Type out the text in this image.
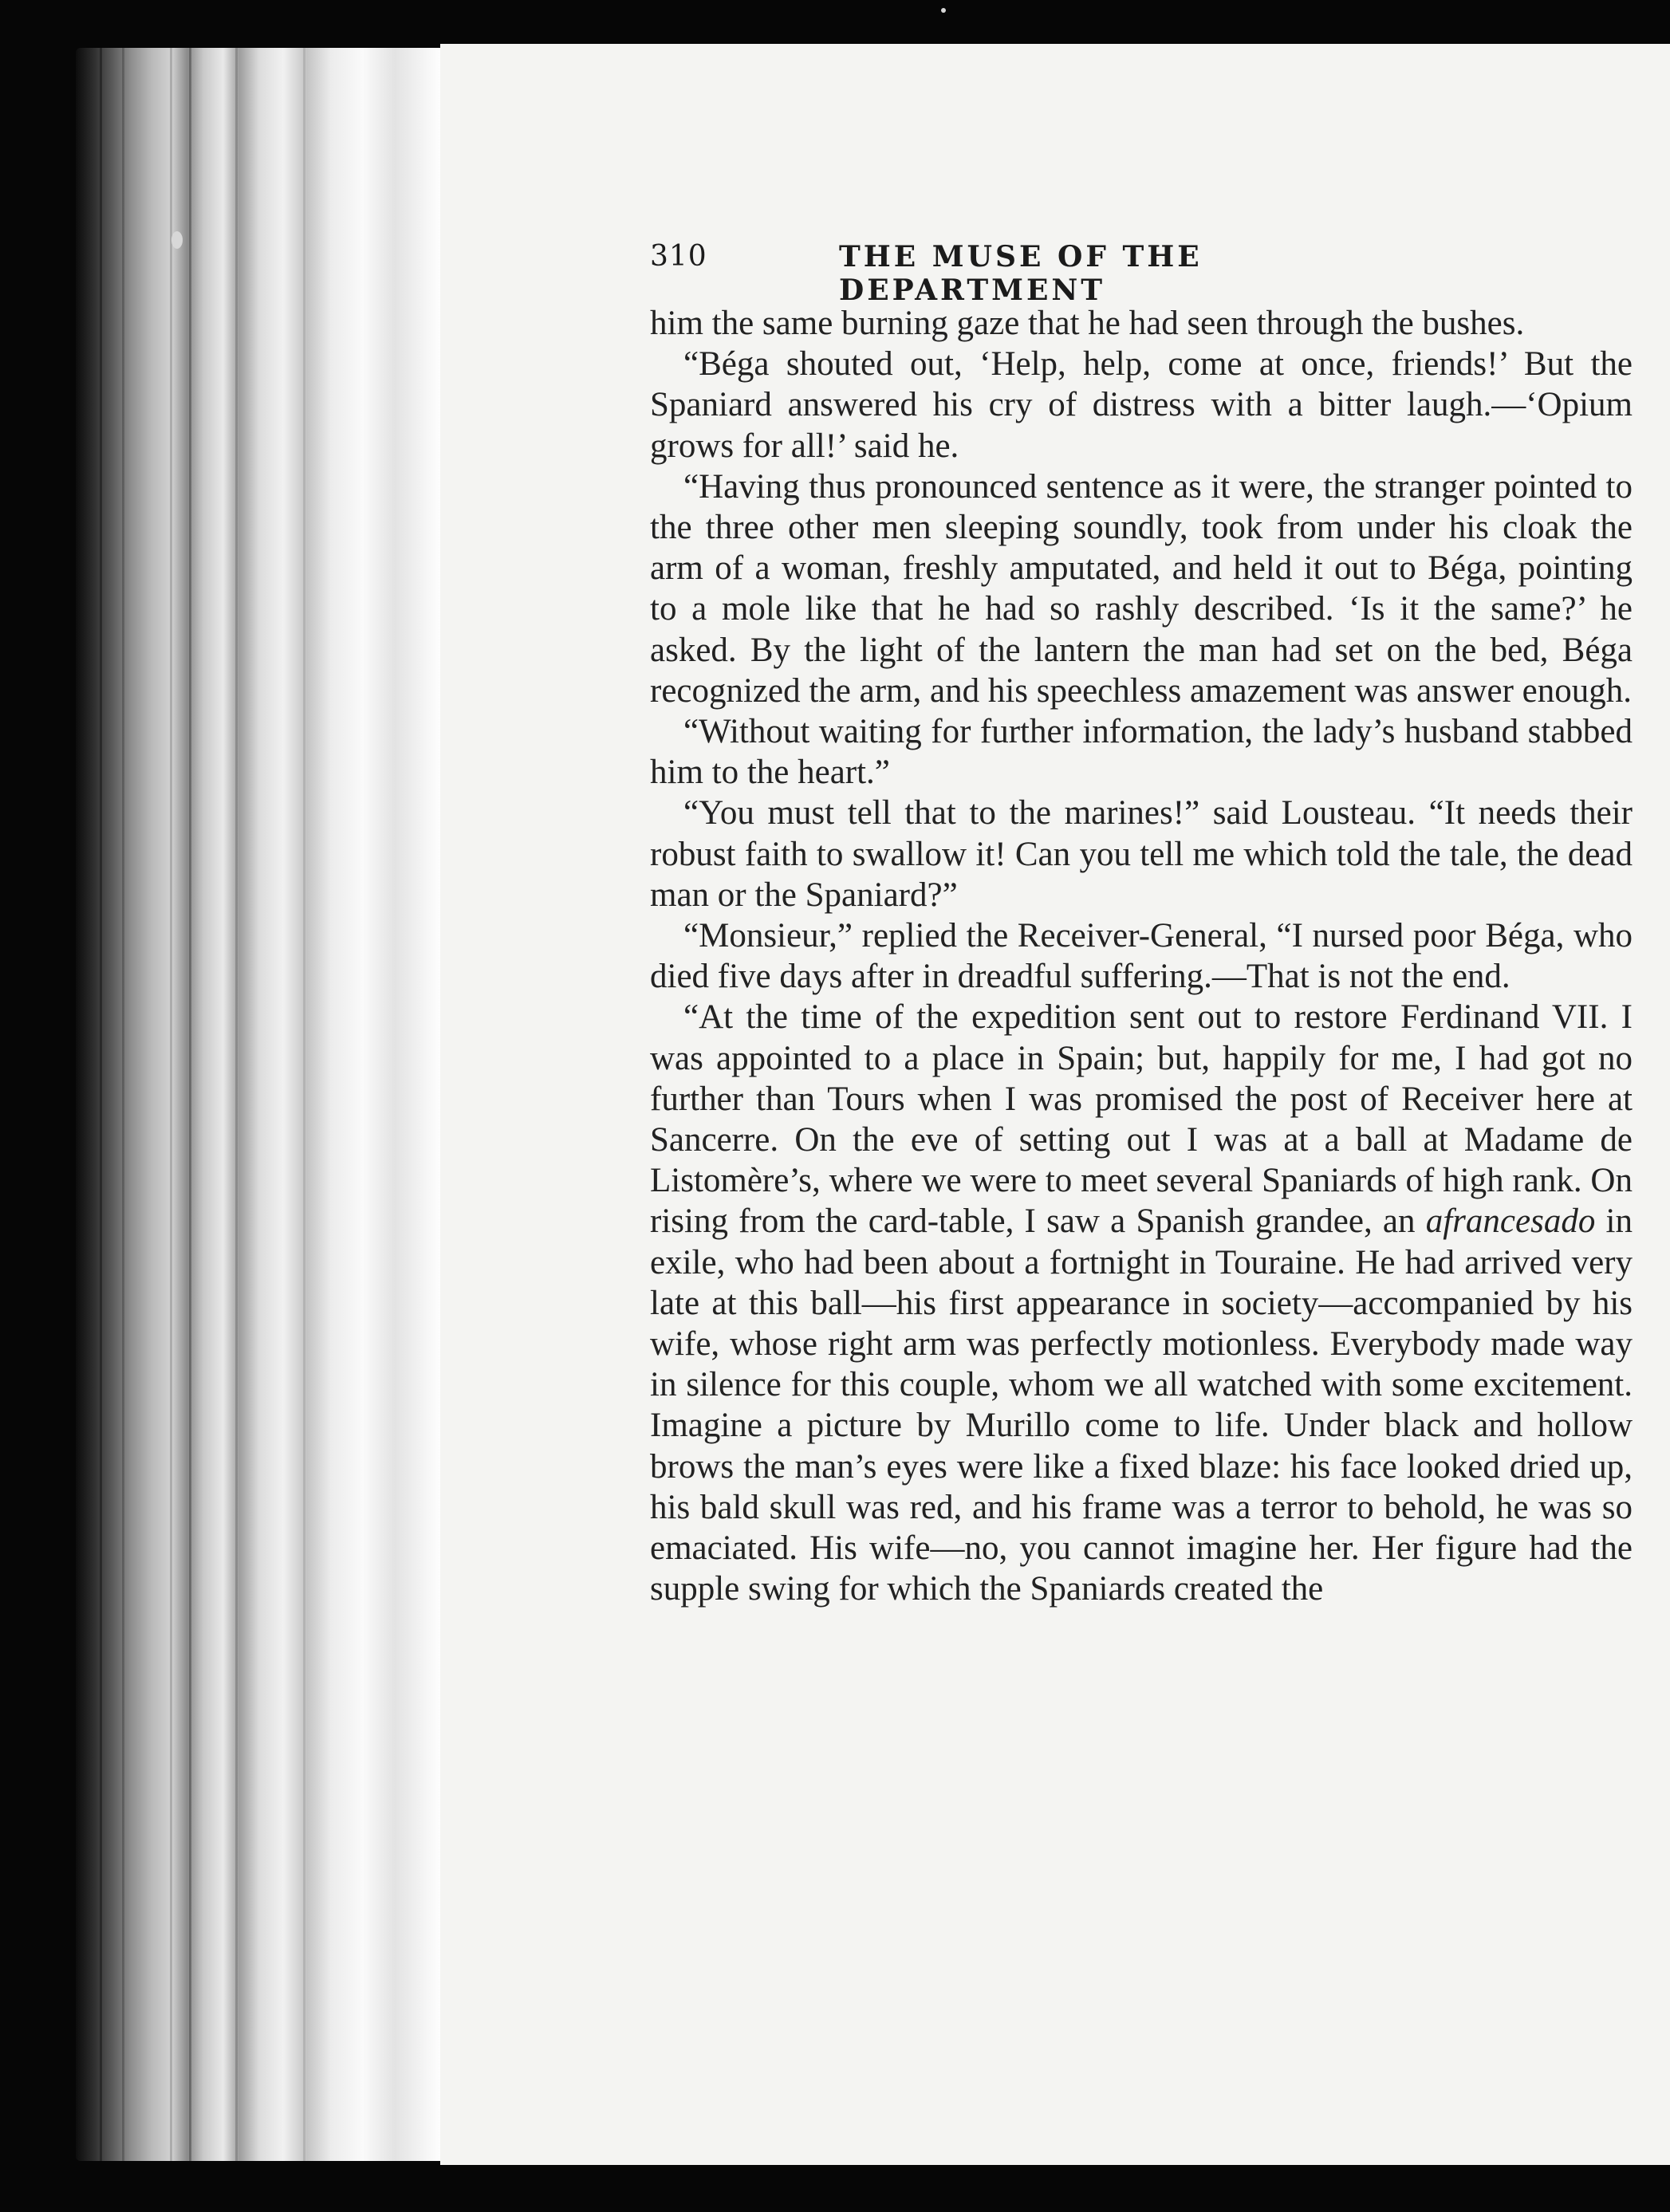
310	THE MUSE OF THE DEPARTMENT

him the same burning gaze that he had seen through the bushes.

“Béga shouted out, ‘Help, help, come at once, friends!’ But the Spaniard answered his cry of distress with a bitter laugh.—‘Opium grows for all!’ said he.

“Having thus pronounced sentence as it were, the stranger pointed to the three other men sleeping soundly, took from under his cloak the arm of a woman, freshly amputated, and held it out to Béga, pointing to a mole like that he had so rashly described. ‘Is it the same?’ he asked. By the light of the lantern the man had set on the bed, Béga recognized the arm, and his speechless amazement was answer enough.

“Without waiting for further information, the lady’s husband stabbed him to the heart.”

“You must tell that to the marines!” said Lousteau. “It needs their robust faith to swallow it! Can you tell me which told the tale, the dead man or the Spaniard?”

“Monsieur,” replied the Receiver-General, “I nursed poor Béga, who died five days after in dreadful suffering.—That is not the end.

“At the time of the expedition sent out to restore Ferdinand VII. I was appointed to a place in Spain; but, happily for me, I had got no further than Tours when I was promised the post of Receiver here at Sancerre. On the eve of setting out I was at a ball at Madame de Listomère’s, where we were to meet several Spaniards of high rank. On rising from the card-table, I saw a Spanish grandee, an afrancesado in exile, who had been about a fortnight in Touraine. He had arrived very late at this ball—his first appearance in society—accompanied by his wife, whose right arm was perfectly motionless. Everybody made way in silence for this couple, whom we all watched with some excitement. Imagine a picture by Murillo come to life. Under black and hollow brows the man’s eyes were like a fixed blaze: his face looked dried up, his bald skull was red, and his frame was a terror to behold, he was so emaciated. His wife—no, you cannot imagine her. Her figure had the supple swing for which the Spaniards created the
